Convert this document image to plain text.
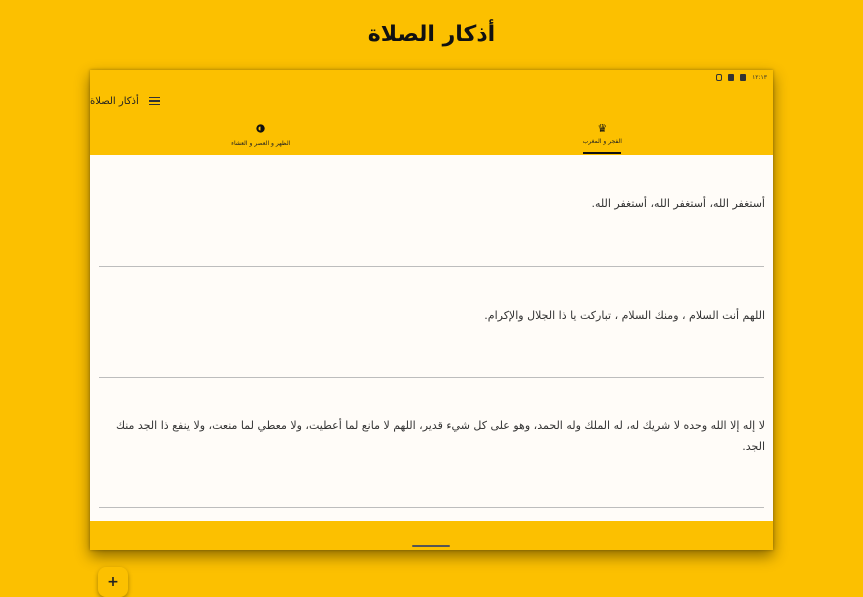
أذكار الصلاة
١٢:١٣
أذكار الصلاة
♛
الفجر و المغرب
الظهر و العصر و العشاء
أستغفر الله، أستغفر الله، أستغفر الله.
اللهم أنت السلام ، ومنك السلام ، تباركت يا ذا الجلال والإكرام.
لا إله إلا الله وحده لا شريك له، له الملك وله الحمد، وهو على كل شيء قدير، اللهم لا مانع لما أعطيت، ولا معطي لما منعت، ولا ينفع ذا الجد منك الجد.
+
